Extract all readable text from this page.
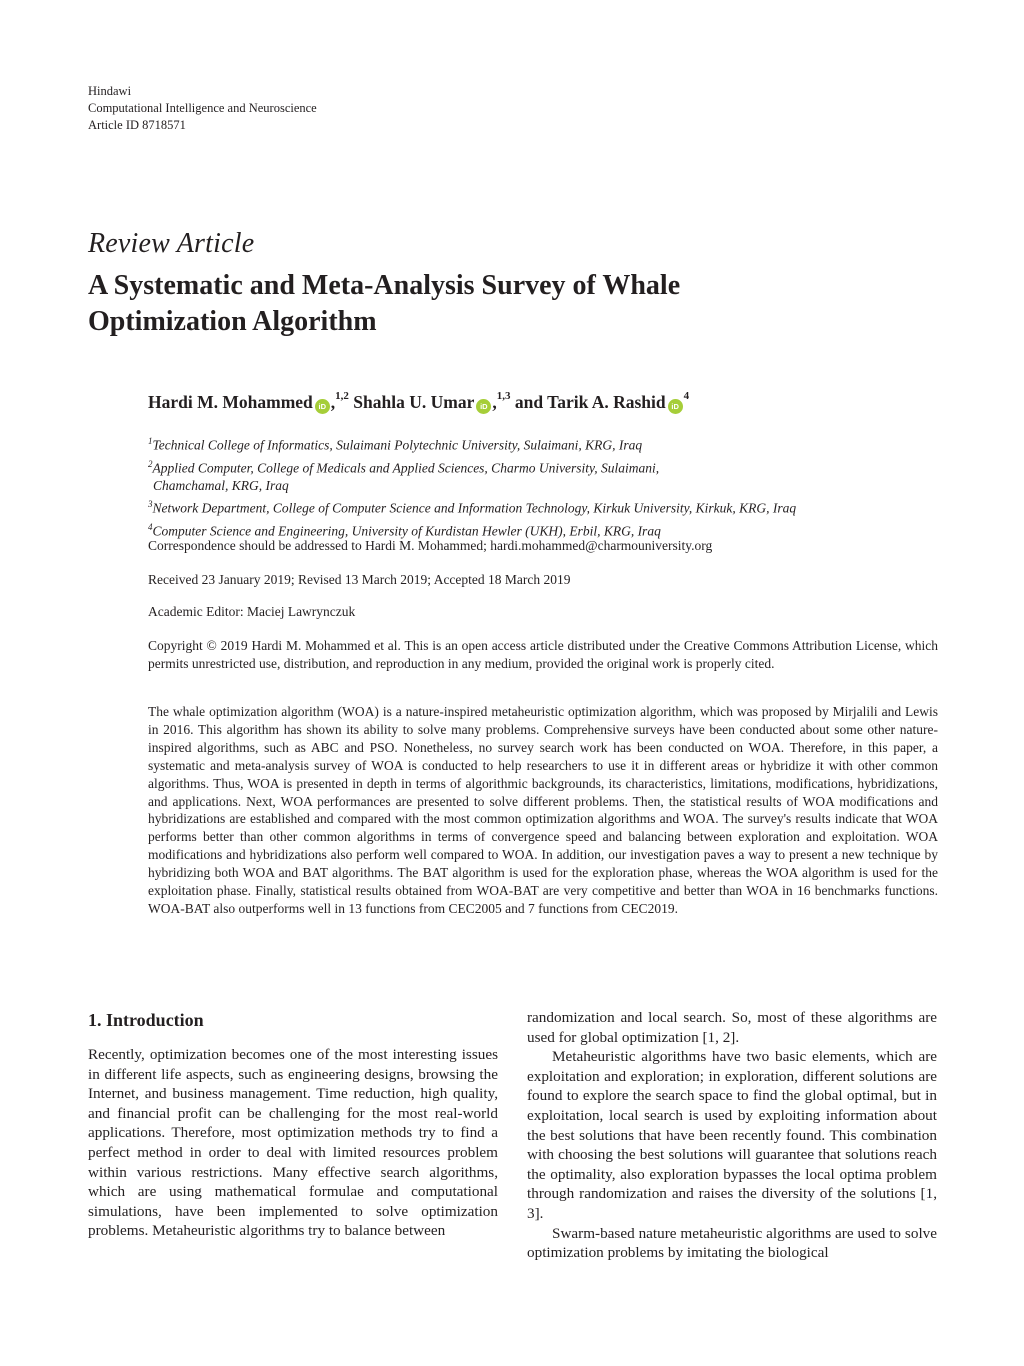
Hindawi
Computational Intelligence and Neuroscience
Article ID 8718571
Review Article
A Systematic and Meta-Analysis Survey of Whale Optimization Algorithm
Hardi M. Mohammed iD ,$^{1,2}$ Shahla U. Umar iD ,$^{1,3}$ and Tarik A. Rashid $iD^4$
$^1$Technical College of Informatics, Sulaimani Polytechnic University, Sulaimani, KRG, Iraq
$^2$Applied Computer, College of Medicals and Applied Sciences, Charmo University, Sulaimani,
Chamchamal, KRG, Iraq
$^3$Network Department, College of Computer Science and Information Technology, Kirkuk University, Kirkuk, KRG, Iraq
$^4$Computer Science and Engineering, University of Kurdistan Hewler (UKH), Erbil, KRG, Iraq
Correspondence should be addressed to Hardi M. Mohammed; hardi.mohammed@charmouniversity.org
Received 23 January 2019; Revised 13 March 2019; Accepted 18 March 2019
Academic Editor: Maciej Lawrynczuk
Copyright © 2019 Hardi M. Mohammed et al. This is an open access article distributed under the Creative Commons Attribution License, which permits unrestricted use, distribution, and reproduction in any medium, provided the original work is properly cited.
The whale optimization algorithm (WOA) is a nature-inspired metaheuristic optimization algorithm, which was proposed by Mirjalili and Lewis in 2016. This algorithm has shown its ability to solve many problems. Comprehensive surveys have been conducted about some other nature-inspired algorithms, such as ABC and PSO. Nonetheless, no survey search work has been conducted on WOA. Therefore, in this paper, a systematic and meta-analysis survey of WOA is conducted to help researchers to use it in different areas or hybridize it with other common algorithms. Thus, WOA is presented in depth in terms of algorithmic backgrounds, its characteristics, limitations, modifications, hybridizations, and applications. Next, WOA performances are presented to solve different problems. Then, the statistical results of WOA modifications and hybridizations are established and compared with the most common optimization algorithms and WOA. The survey's results indicate that WOA performs better than other common algorithms in terms of convergence speed and balancing between exploration and exploitation. WOA modifications and hybridizations also perform well compared to WOA. In addition, our investigation paves a way to present a new technique by hybridizing both WOA and BAT algorithms. The BAT algorithm is used for the exploration phase, whereas the WOA algorithm is used for the exploitation phase. Finally, statistical results obtained from WOA-BAT are very competitive and better than WOA in 16 benchmarks functions. WOA-BAT also outperforms well in 13 functions from CEC2005 and 7 functions from CEC2019.
1. Introduction

Recently, optimization becomes one of the most interesting issues in different life aspects, such as engineering designs, browsing the Internet, and business management. Time reduction, high quality, and financial profit can be challenging for the most real-world applications. Therefore, most optimization methods try to find a perfect method in order to deal with limited resources problem within various restrictions. Many effective search algorithms, which are using mathematical formulae and computational simulations, have been implemented to solve optimization problems. Metaheuristic algorithms try to balance between

randomization and local search. So, most of these algorithms are used for global optimization [1, 2].

Metaheuristic algorithms have two basic elements, which are exploitation and exploration; in exploration, different solutions are found to explore the search space to find the global optimal, but in exploitation, local search is used by exploiting information about the best solutions that have been recently found. This combination with choosing the best solutions will guarantee that solutions reach the optimality, also exploration bypasses the local optima problem through randomization and raises the diversity of the solutions [1, 3].

Swarm-based nature metaheuristic algorithms are used to solve optimization problems by imitating the biological
